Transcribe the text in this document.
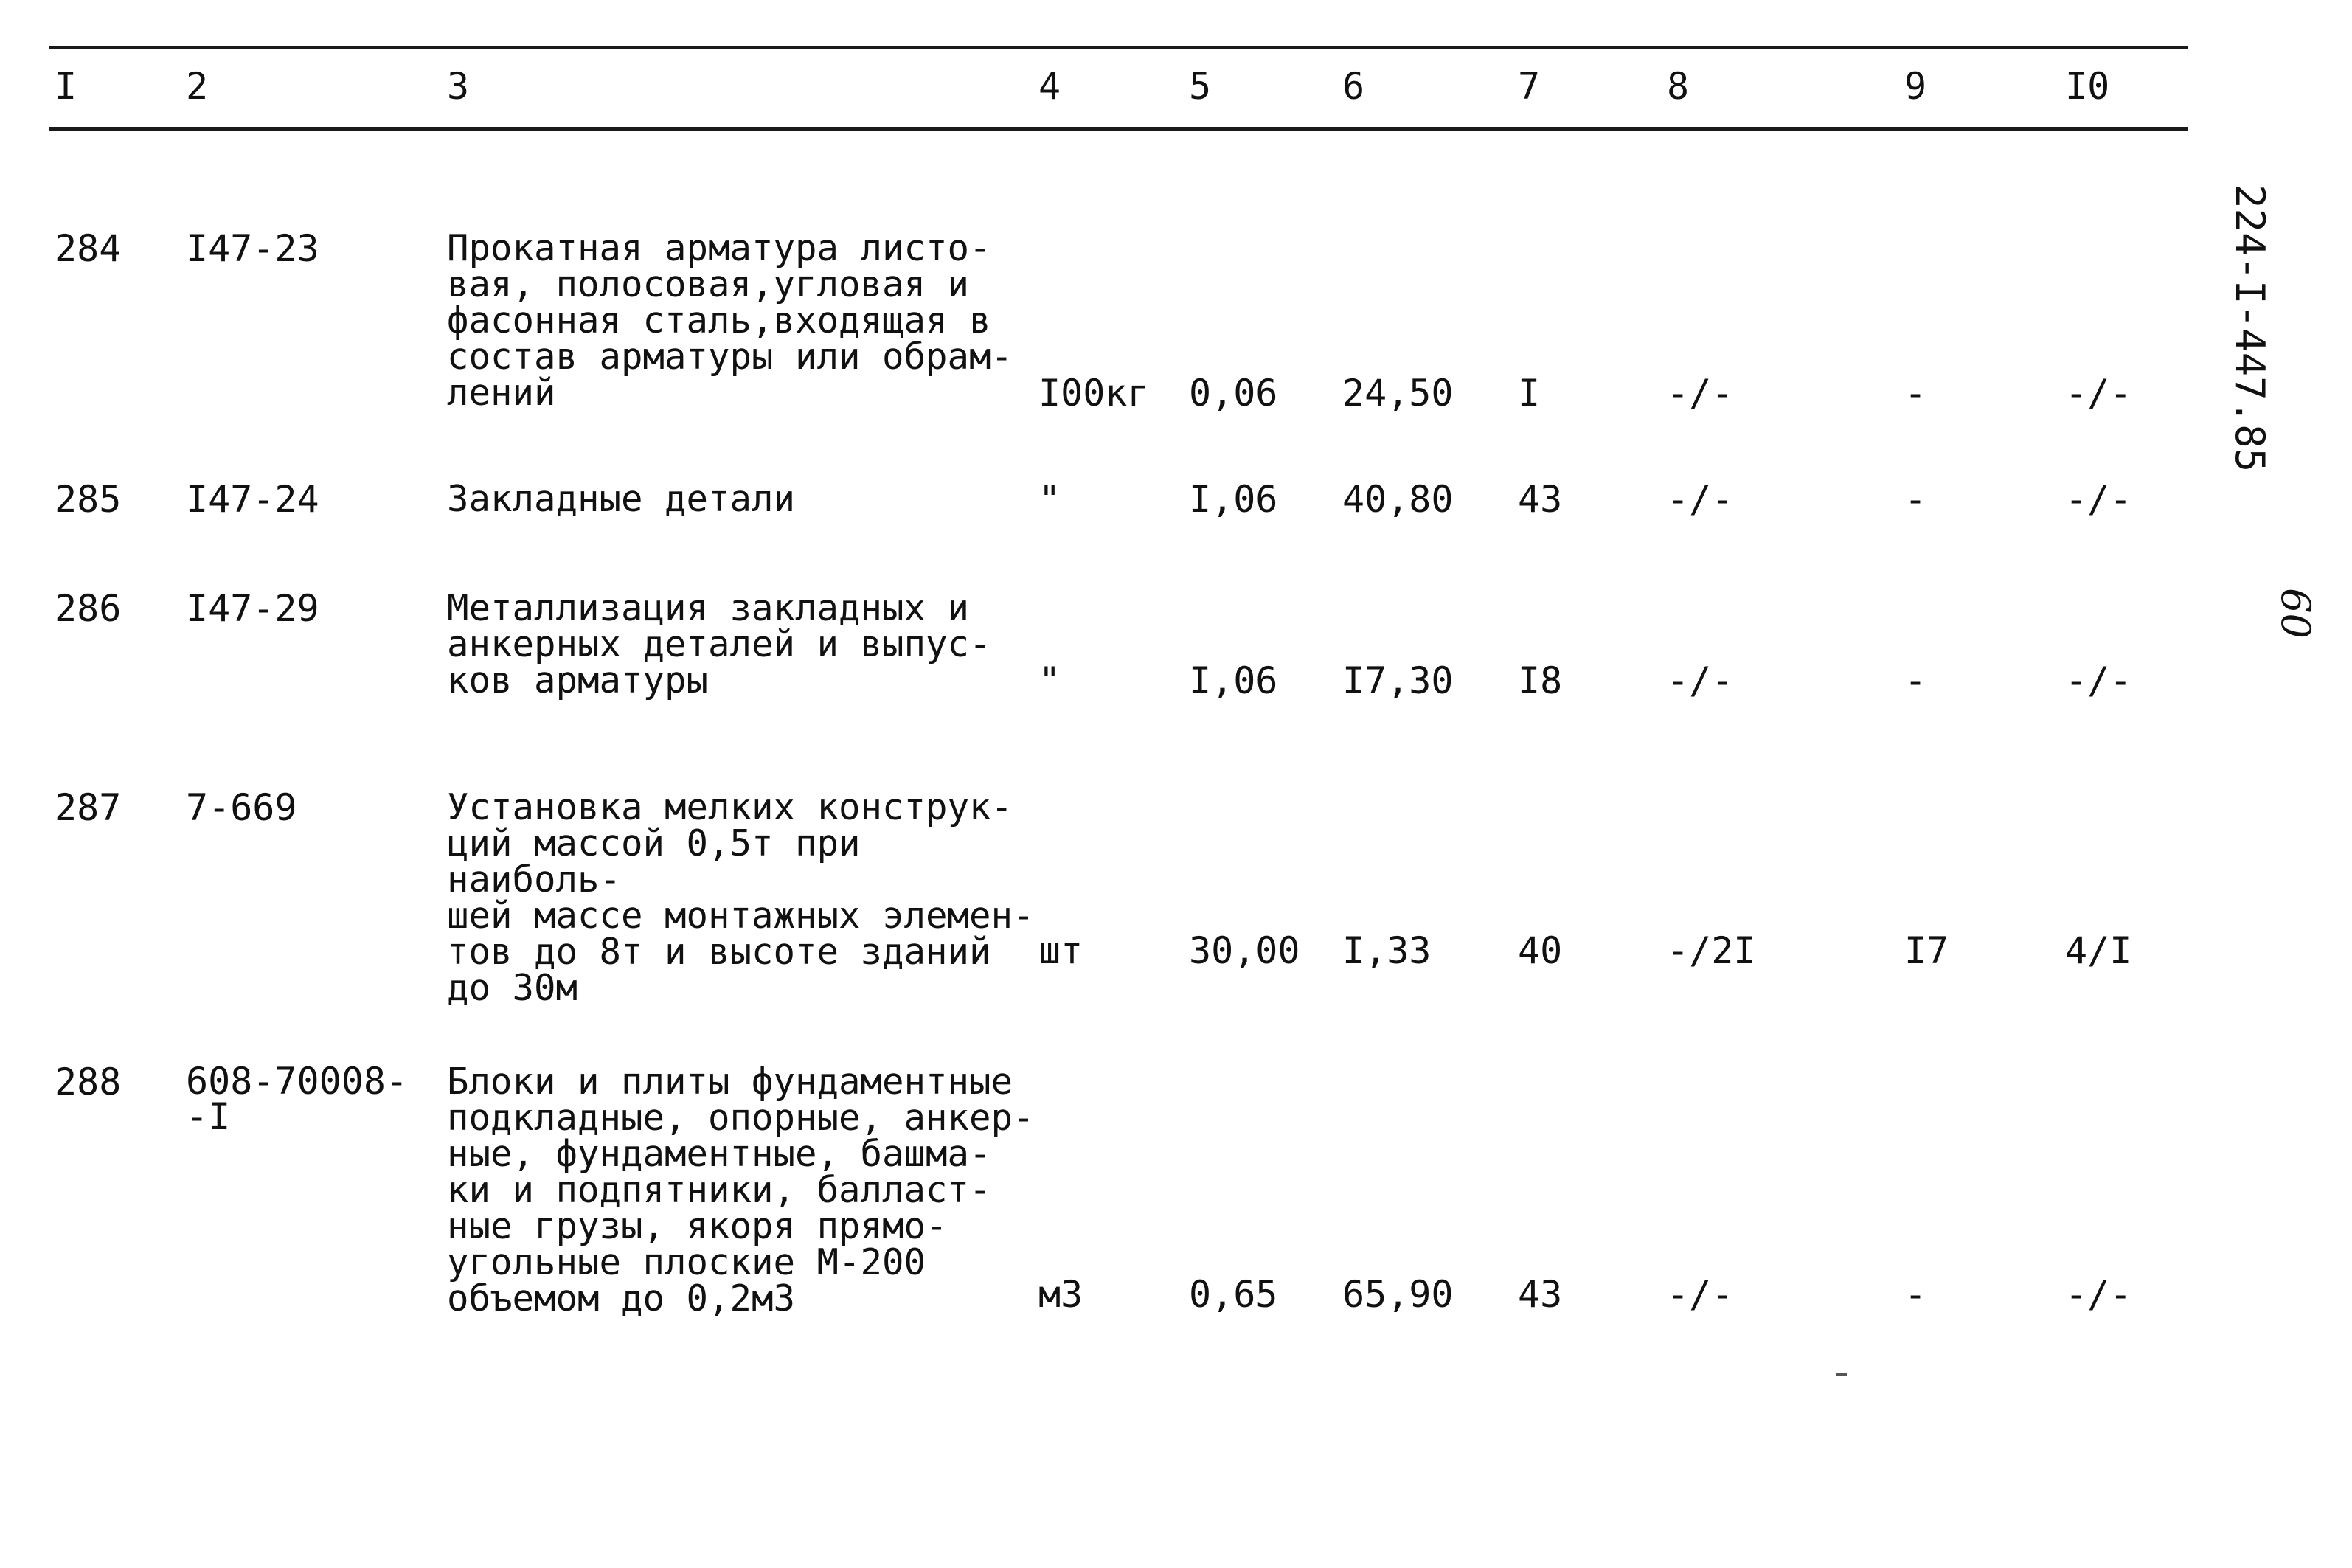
I	2	3	4	5	6	7	8	9	I0
284 I47-23	Прокатная арматура листо-
вая, полосовая,угловая и
фасонная сталь,входящая в
состав арматуры или обрам-
лений	I00кг 0,06 24,50 I	-/-	-	-/-
285 I47-24	Закладные детали	"	I,06 40,80 43	-/-	-	-/-
286 I47-29	Металлизация закладных и
анкерных деталей и выпус-
ков арматуры	"	I,06 I7,30 I8	-/-	-	-/-
287 7-669	Установка мелких конструк-
ций массой 0,5т при наиболь-
шей массе монтажных элемен-
тов до 8т и высоте зданий
до 30м
шт	30,00 I,33 40	-/2I	I7	4/I
288 608-70008-
-I
Блоки и плиты фундаментные
подкладные, опорные, анкер-
ные, фундаментные, башма-
ки и подпятники, балласт-
ные грузы, якоря прямо-
угольные плоские М-200
объемом до 0,2м3	м3	0,65 65,90 43	-/-	-	-/-
224-I-447.85
60
